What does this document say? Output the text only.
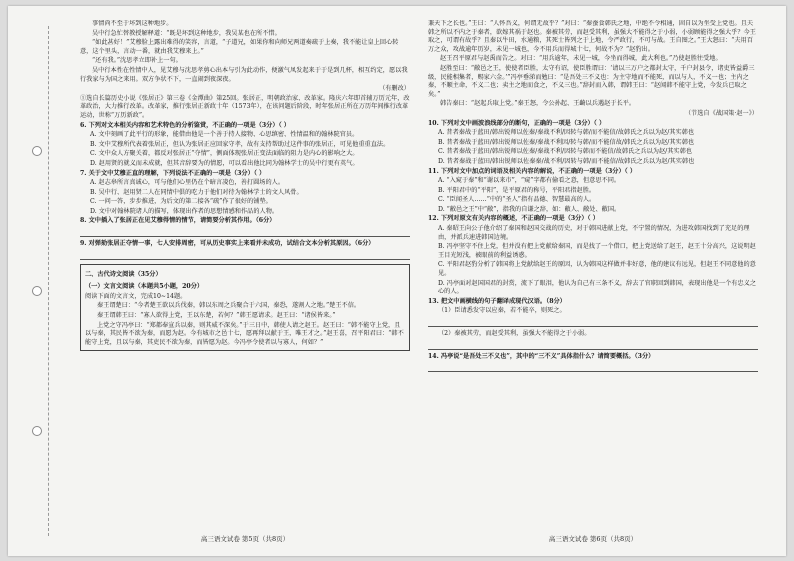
事情尚不至于坏到这种地步。

吴中行急忙替教授解释道：“既是坏到这种地步，我吴某也在所不惜。

“如此甚好！”艾穆脸上露出难得的笑容，言道，“子道兄，如果你和向师兄两道奏疏于上奏，我不能让皇上回心转意，这个里头，言动一番，就由我艾穆来上。”

“还有我。”沈思孝立即补上一句。

吴中行本性在性情中人，见艾穆与沈思孝剪心出本与引为此动作，便激气凤发起来于于是到几杯，相互约定，愿以我行我家与为国之来用。双方争状不下，一直闹到夜深夜。

（有删改）

①选自长篇历史小说《张居正》第三卷《金潭曲》第25回。张居正，明朝政治家、改革家。隆庆六年即首辅万历元年，改革政治，大力推行改革。改革家，推行张居正新政十年（1573年），在该问题后阶段，时年张居正所在万历年间推行改革运动，世称“万历新政”。

6. 下列对文本相关内容和艺术特色的分析鉴赏，不正确的一项是（3分）（ ）

A. 文中刻画了此平行的形象，能借由他是一个善于持人接物、心思缜密、性情温和的翰林院官员。

B. 文中艾穆所代表着张居正，但认为张居正应回家守孝，故有支持帮助过这件事的张居正，可见他重重直法。

C. 文中众人方聚关着，都反对张居正“夺情”，侧面体现张居正变法面临的阻力是内心的影响之大。

D. 赵用贤的就义而未成就，但其音辞要为的情愿，可以看出他比同为翰林学士的吴中行更有英气。

7. 关于文中艾穆正直的理解，下列说法不正确的一项是（3分）（ ）

A. 赵志皋所言真诚心，可与他们心里仍在个暗言凌色，善打圆场的人。

B. 吴中行、赵用贤二人在同情中俱的吃力于他们对待为翰林学士的文人风骨。

C. 一问一答，步步推进，为后文的第二接各“疏”作了很好的铺垫。

D. 文中对翰林院诸人的描写，体现出作者的思想情感和作品的人物。

8. 文中插入了张居正在见艾穆得情的情节，请简要分析其作用。（6分）

9. 对弹劾张居正夺情一事，七人安排周密，可从历史事实上来看并未成功，试结合文本分析其原因。（6分）

二、古代诗文阅读（35分）

（一）文言文阅读（本题共5小题，20分）

阅读下面的文言文，完成10~14题。

秦王谓楚曰：“今者楚王欲以兵伐秦，韩以东周之兵聚合于六国，秦恐，遂割人之地。”楚王不信。

秦王谓韩王曰：“寡人欲得上党，王以东楚，若何？”韩王愿请求。赵王曰：“诸侯皆来。”

上党之守冯亭曰：“郑都奉宣兵以秦，则其威不深矣。”于三日中，韩使人请之赵王。赵王曰：“韩不能守上党，且以与秦，其民皆不欲为秦，而愿为赵。今有城市之邑十七，愿再拜以献于王，唯王才之。”赵王喜，召平阳君曰：“韩不能守上党，且以与秦，其吏民不欲为秦，而皆愿为赵。今冯亭令使者以与寡人，何如？”

兼天下之长也。”王曰：“人怀吾义，何谓无故乎？”对曰：“秦蚕食韩氏之地，中绝不令相通，固自以为坐受上党也。且夫韩之所以不内之于秦者，欲嫁其祸于赵也。秦被其劳，而赵受其利，虽强大不能得之于小弱，小弱顾能得之强大乎？今王取之，可谓有故乎？且秦以牛田，水通粮，其死士皆列之于上地，令严政行，不可与战。王自图之。”王大怒曰：“夫用百万之众，攻战逾年历岁，未见一城也，今不用兵而得城十七，何故不为？”赵豹出。

赵王召平原君与赵禹而告之。对曰：“用兵逾年，未见一城，今坐而得城，此大利也。”乃使赵胜往受地。

赵胜至曰：“敝邑之王，使使者臣胜，太守有诏，使臣胜谓曰：‘请以三万户之都封太守，千户封县令，诸吏皆益爵三级，民能相集者，赐家六金。’”冯亭垂涕而勉曰：“是吾处三不义也：为主守地而不能死，而以与人，不义一也；主内之秦，不顺主命，不义二也；卖主之地而食之，不义三也。”辞封而入韩，谓韩王曰：“赵闻韩不能守上党，今发兵已取之矣。”

韩告秦曰：“赵起兵取上党。”秦王怒，令公孙起、王齮以兵遇赵于长平。

（节选自《战国策·赵一》）

10. 下列对文中画波浪线部分的断句，正确的一项是（3分）（ ）

A. 昔者秦战于蓝田/韩出锐师以佐秦/秦战不利/因转与韩/而不能信/故韩氏之兵以为赵/其实韩也

B. 昔者秦战于蓝田/韩出锐师以佐秦/秦战不利因/转与韩/而不能信故/韩氏之兵以为赵/其实韩也

C. 昔者秦战于蓝田/韩出锐师以佐秦/秦战不利/因转与韩而不能信/故韩氏之兵以为赵/其实韩也

D. 昔者秦战于蓝田/韩出锐师以佐秦秦/战不利/因转与韩/而不能信/故韩氏之兵以为赵/其实韩也

11. 下列对文中加点的词语及相关内容的解说，不正确的一项是（3分）（ ）

A. “入窥于秦”和“谢以来市”，“窥”字都有偷看之意，但意思不同。

B. 平阳君中的“平阳”，是平原君的称号，平阳君指赵胜。

C. “臣闻圣人……”中的“圣人”指有品德、智慧最高的人。

D. “敝邑之王”中“敝”，指我的自谦之辞，如：敝人、敝处、敝国。

12. 下列对原文有关内容的概述，不正确的一项是（3分）（ ）

A. 秦昭王向公子他介绍了秦国和赵国交战的历史，对于韩国进献上党，不宁置的情况，为进攻韩国找到了充足的理由，并派兵速进韩国边境。

B. 冯亭坚守不住上党，但并没有把上党献给秦国，而是找了一个借口，把上党送给了赵王，赵王十分高兴，这说明赵王目光短浅，被眼前的利益诱惑。

C. 平阳君赵豹分析了韩国将上党献给赵王的原因，认为韩国这样做并非好意，他的建议有远见，但赵王不同意他的意见。

D. 冯亭面对赵国国君的封赏，流下了眼泪，他认为自己有三条不义，辞去了官职回到韩国，表现出他是一个有忠义之心的人。

13. 把文中画横线的句子翻译成现代汉语。（8分）

（1）臣请悉发守以应秦，若不能卒，则死之。

（2）秦被其劳，而赵受其利，虽强大不能得之于小弱。

14. 冯亭说“是吾处三不义也”，其中的“三不义”具体指什么？请简要概括。（3分）

高三语文试卷 第5页（共8页）	高三语文试卷 第6页（共8页）
